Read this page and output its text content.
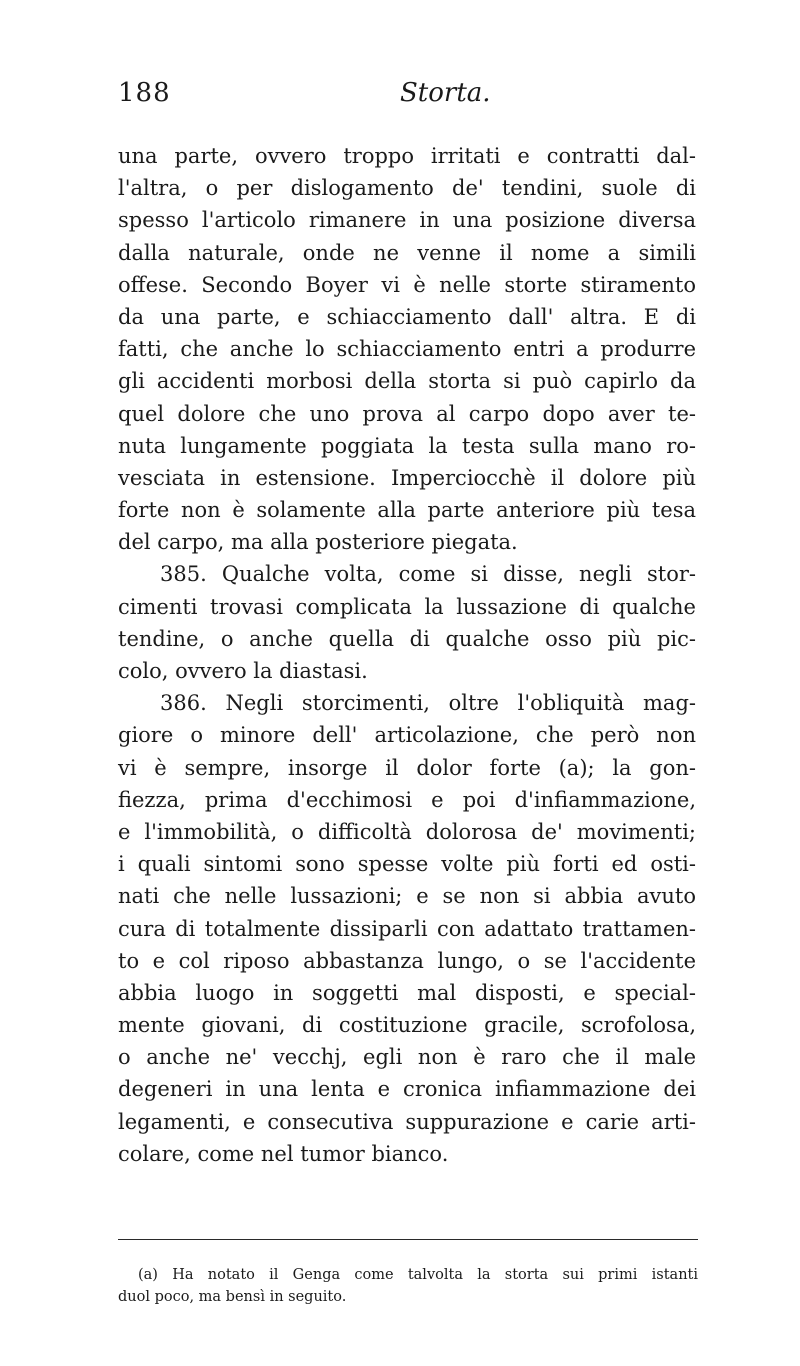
188	Storta.
una parte, ovvero troppo irritati e contratti dal-
l'altra, o per dislogamento de' tendini, suole di
spesso l'articolo rimanere in una posizione diversa
dalla naturale, onde ne venne il nome a simili
offese. Secondo Boyer vi è nelle storte stiramento
da una parte, e schiacciamento dall' altra. E di
fatti, che anche lo schiacciamento entri a produrre
gli accidenti morbosi della storta si può capirlo da
quel dolore che uno prova al carpo dopo aver te-
nuta lungamente poggiata la testa sulla mano ro-
vesciata in estensione. Imperciocchè il dolore più
forte non è solamente alla parte anteriore più tesa
del carpo, ma alla posteriore piegata.
385. Qualche volta, come si disse, negli stor-
cimenti trovasi complicata la lussazione di qualche
tendine, o anche quella di qualche osso più pic-
colo, ovvero la diastasi.
386. Negli storcimenti, oltre l'obliquità mag-
giore o minore dell' articolazione, che però non
vi è sempre, insorge il dolor forte (a); la gon-
fiezza, prima d'ecchimosi e poi d'infiammazione,
e l'immobilità, o difficoltà dolorosa de' movimenti;
i quali sintomi sono spesse volte più forti ed osti-
nati che nelle lussazioni; e se non si abbia avuto
cura di totalmente dissiparli con adattato trattamen-
to e col riposo abbastanza lungo, o se l'accidente
abbia luogo in soggetti mal disposti, e special-
mente giovani, di costituzione gracile, scrofolosa,
o anche ne' vecchj, egli non è raro che il male
degeneri in una lenta e cronica infiammazione dei
legamenti, e consecutiva suppurazione e carie arti-
colare, come nel tumor bianco.
(a) Ha notato il Genga come talvolta la storta sui primi istanti
duol poco, ma bensì in seguito.
